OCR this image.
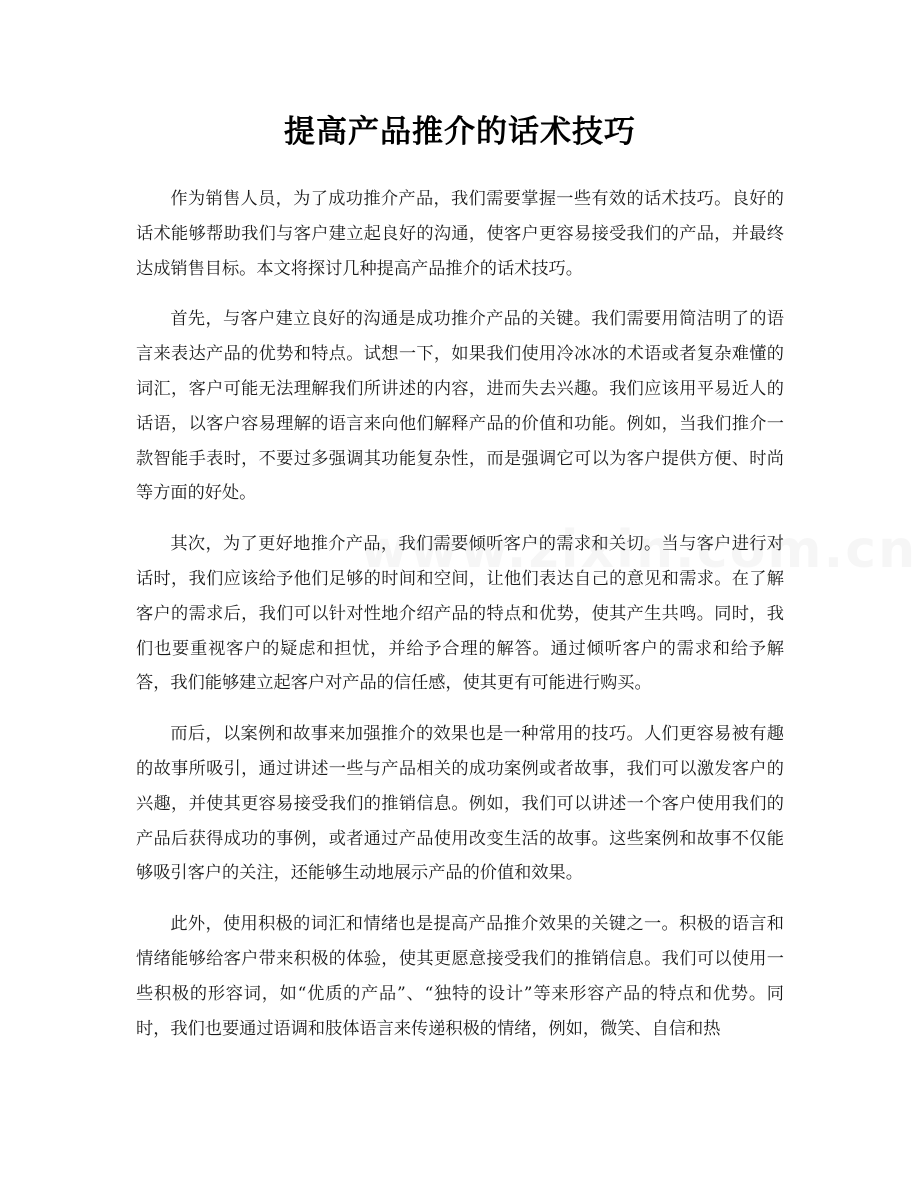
提高产品推介的话术技巧

作为销售人员，为了成功推介产品，我们需要掌握一些有效的话术技巧。良好的话术能够帮助我们与客户建立起良好的沟通，使客户更容易接受我们的产品，并最终达成销售目标。本文将探讨几种提高产品推介的话术技巧。

首先，与客户建立良好的沟通是成功推介产品的关键。我们需要用简洁明了的语言来表达产品的优势和特点。试想一下，如果我们使用冷冰冰的术语或者复杂难懂的词汇，客户可能无法理解我们所讲述的内容，进而失去兴趣。我们应该用平易近人的话语，以客户容易理解的语言来向他们解释产品的价值和功能。例如，当我们推介一款智能手表时，不要过多强调其功能复杂性，而是强调它可以为客户提供方便、时尚等方面的好处。

其次，为了更好地推介产品，我们需要倾听客户的需求和关切。当与客户进行对话时，我们应该给予他们足够的时间和空间，让他们表达自己的意见和需求。在了解客户的需求后，我们可以针对性地介绍产品的特点和优势，使其产生共鸣。同时，我们也要重视客户的疑虑和担忧，并给予合理的解答。通过倾听客户的需求和给予解答，我们能够建立起客户对产品的信任感，使其更有可能进行购买。

而后，以案例和故事来加强推介的效果也是一种常用的技巧。人们更容易被有趣的故事所吸引，通过讲述一些与产品相关的成功案例或者故事，我们可以激发客户的兴趣，并使其更容易接受我们的推销信息。例如，我们可以讲述一个客户使用我们的产品后获得成功的事例，或者通过产品使用改变生活的故事。这些案例和故事不仅能够吸引客户的关注，还能够生动地展示产品的价值和效果。

此外，使用积极的词汇和情绪也是提高产品推介效果的关键之一。积极的语言和情绪能够给客户带来积极的体验，使其更愿意接受我们的推销信息。我们可以使用一些积极的形容词，如“优质的产品”、“独特的设计”等来形容产品的特点和优势。同时，我们也要通过语调和肢体语言来传递积极的情绪，例如，微笑、自信和热
